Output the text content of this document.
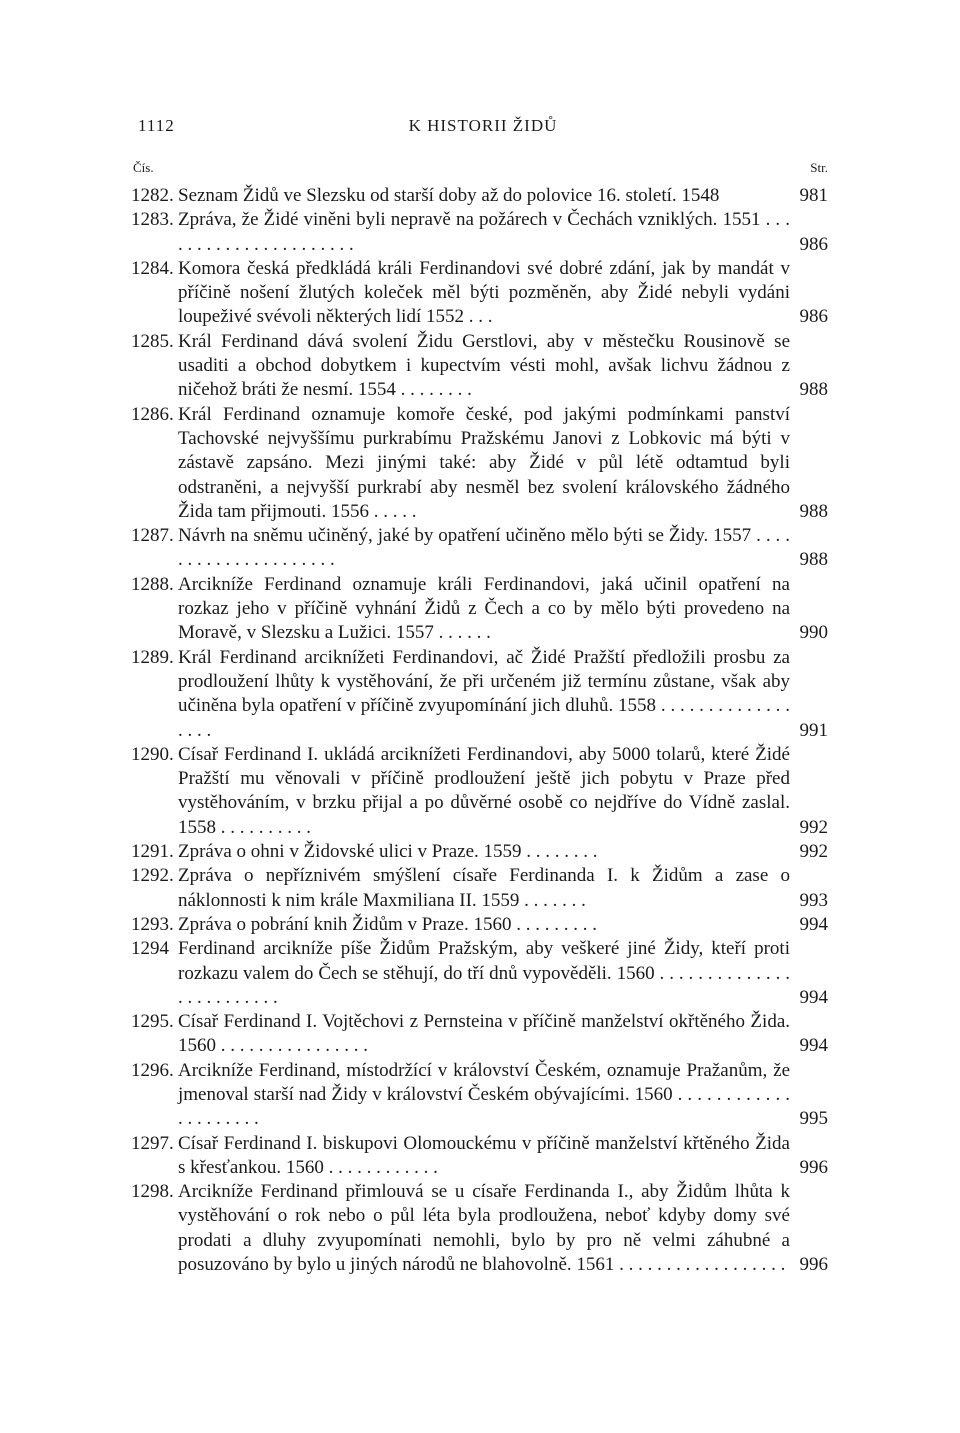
1112	K HISTORII ŽIDŮ
Čís.	Str.
1282. Seznam Židů ve Slezsku od starší doby až do polovice 16. století. 1548	981
1283. Zpráva, že Židé viněni byli nepravě na požárech v Čechách vzniklých. 1551 . . . . . . . . . . . . . . . . . . . . . .	986
1284. Komora česká předkládá králi Ferdinandovi své dobré zdání, jak by mandát v příčině nošení žlutých koleček měl býti pozměněn, aby Židé nebyli vydáni loupeživé svévoli některých lidí 1552 . . .	986
1285. Král Ferdinand dává svolení Židu Gerstlovi, aby v městečku Rousinově se usaditi a obchod dobytkem i kupectvím vésti mohl, avšak lichvu žádnou z ničehož bráti že nesmí. 1554 . . . . . . . .	988
1286. Král Ferdinand oznamuje komoře české, pod jakými podmínkami panství Tachovské nejvyššímu purkrabímu Pražskému Janovi z Lobkovic má býti v zástavě zapsáno. Mezi jinými také: aby Židé v půl létě odtamtud byli odstraněni, a nejvyšší purkrabí aby nesměl bez svolení královského žádného Žida tam přijmouti. 1556 . . . . .	988
1287. Návrh na sněmu učiněný, jaké by opatření učiněno mělo býti se Židy. 1557 . . . . . . . . . . . . . . . . . . . . .	988
1288. Arcikníže Ferdinand oznamuje králi Ferdinandovi, jaká učinil opatření na rozkaz jeho v příčině vyhnání Židů z Čech a co by mělo býti provedeno na Moravě, v Slezsku a Lužici. 1557 . . . . . .	990
1289. Král Ferdinand arciknížeti Ferdinandovi, ač Židé Pražští předložili prosbu za prodloužení lhůty k vystěhování, že při určeném již termínu zůstane, však aby učiněna byla opatření v příčině zvyupomínání jich dluhů. 1558 . . . . . . . . . . . . . . . . . .	991
1290. Císař Ferdinand I. ukládá arciknížeti Ferdinandovi, aby 5000 tolarů, které Židé Pražští mu věnovali v příčině prodloužení ještě jich pobytu v Praze před vystěhováním, v brzku přijal a po důvěrné osobě co nejdříve do Vídně zaslal. 1558 . . . . . . . . . .	992
1291. Zpráva o ohni v Židovské ulici v Praze. 1559 . . . . . . . .	992
1292. Zpráva o nepříznivém smýšlení císaře Ferdinanda I. k Židům a zase o náklonnosti k nim krále Maxmiliana II. 1559 . . . . . . .	993
1293. Zpráva o pobrání knih Židům v Praze. 1560 . . . . . . . . .	994
1294 Ferdinand arcikníže píše Židům Pražským, aby veškeré jiné Židy, kteří proti rozkazu valem do Čech se stěhují, do tří dnů vypověděli. 1560 . . . . . . . . . . . . . . . . . . . . . . . . .	994
1295. Císař Ferdinand I. Vojtěchovi z Pernsteina v příčině manželství okřtěného Žida. 1560 . . . . . . . . . . . . . . . .	994
1296. Arcikníže Ferdinand, místodržící v království Českém, oznamuje Pražanům, že jmenoval starší nad Židy v království Českém obývajícími. 1560 . . . . . . . . . . . . . . . . . . . . .	995
1297. Císař Ferdinand I. biskupovi Olomouckému v příčině manželství křtěného Žida s křesťankou. 1560 . . . . . . . . . . . .	996
1298. Arcikníže Ferdinand přimlouvá se u císaře Ferdinanda I., aby Židům lhůta k vystěhování o rok nebo o půl léta byla prodloužena, neboť kdyby domy své prodati a dluhy zvyupomínati nemohli, bylo by pro ně velmi záhubné a posuzováno by bylo u jiných národů ne blahovolně. 1561 . . . . . . . . . . . . . . . . . . 996
